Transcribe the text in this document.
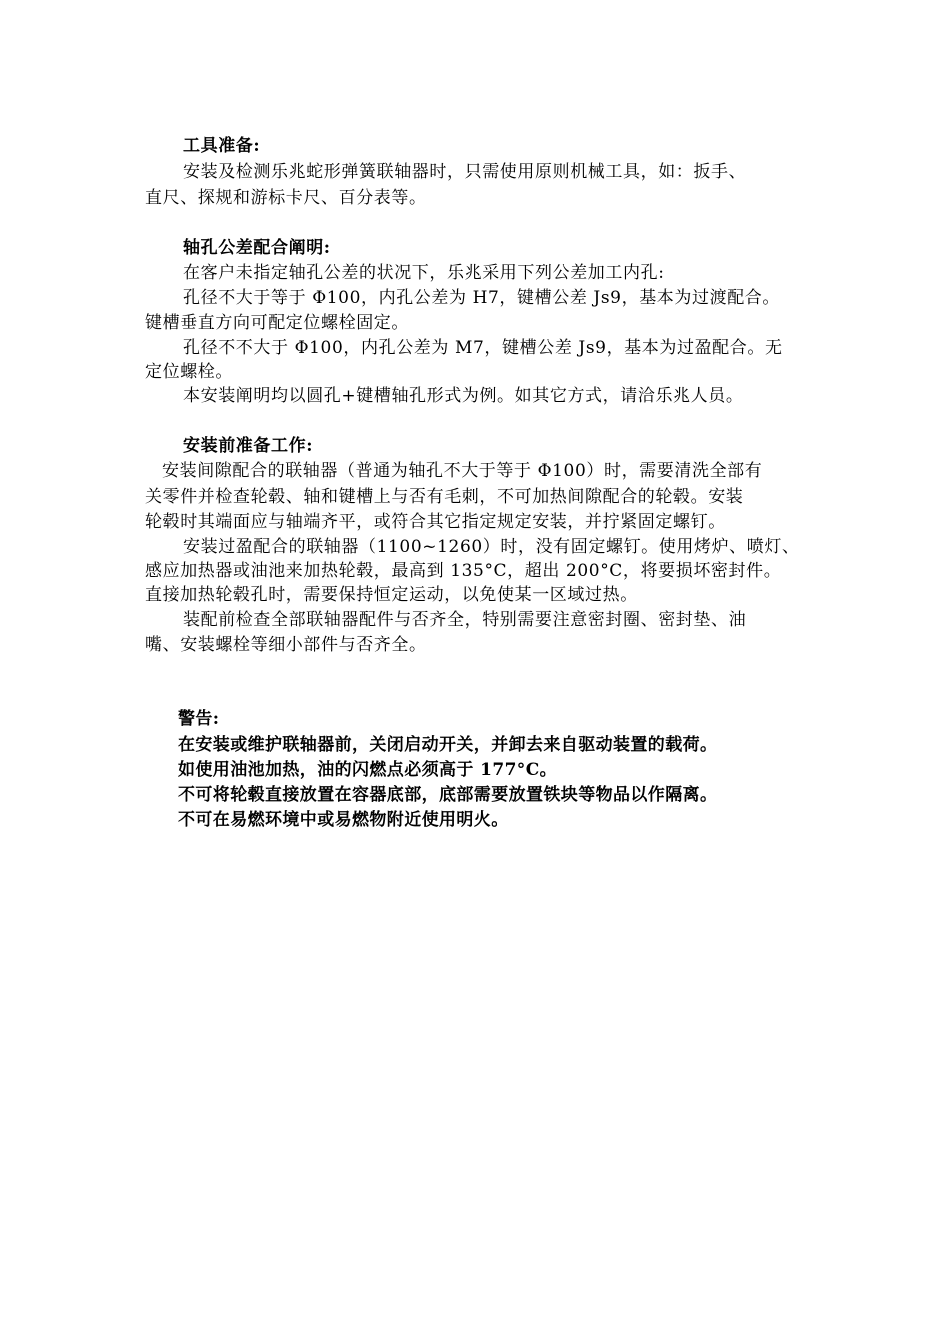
工具准备:
安装及检测乐兆蛇形弹簧联轴器时，只需使用原则机械工具，如：扳手、
直尺、探规和游标卡尺、百分表等。
轴孔公差配合阐明:
在客户未指定轴孔公差的状况下，乐兆采用下列公差加工内孔:
孔径不大于等于 Φ100，内孔公差为 H7，键槽公差 Js9，基本为过渡配合。
键槽垂直方向可配定位螺栓固定。
孔径不不大于 Φ100，内孔公差为 M7，键槽公差 Js9，基本为过盈配合。无
定位螺栓。
本安装阐明均以圆孔+键槽轴孔形式为例。如其它方式，请洽乐兆人员。
安装前准备工作:
安装间隙配合的联轴器（普通为轴孔不大于等于 Φ100）时，需要清洗全部有
关零件并检查轮毂、轴和键槽上与否有毛刺，不可加热间隙配合的轮毂。安装
轮毂时其端面应与轴端齐平，或符合其它指定规定安装，并拧紧固定螺钉。
安装过盈配合的联轴器（1100~1260）时，没有固定螺钉。使用烤炉、喷灯、
感应加热器或油池来加热轮毂，最高到 135°C，超出 200°C，将要损坏密封件。
直接加热轮毂孔时，需要保持恒定运动，以免使某一区域过热。
装配前检查全部联轴器配件与否齐全，特别需要注意密封圈、密封垫、油
嘴、安装螺栓等细小部件与否齐全。
警告:
在安装或维护联轴器前，关闭启动开关，并卸去来自驱动装置的载荷。
如使用油池加热，油的闪燃点必须高于 177°C。
不可将轮毂直接放置在容器底部，底部需要放置铁块等物品以作隔离。
不可在易燃环境中或易燃物附近使用明火。
